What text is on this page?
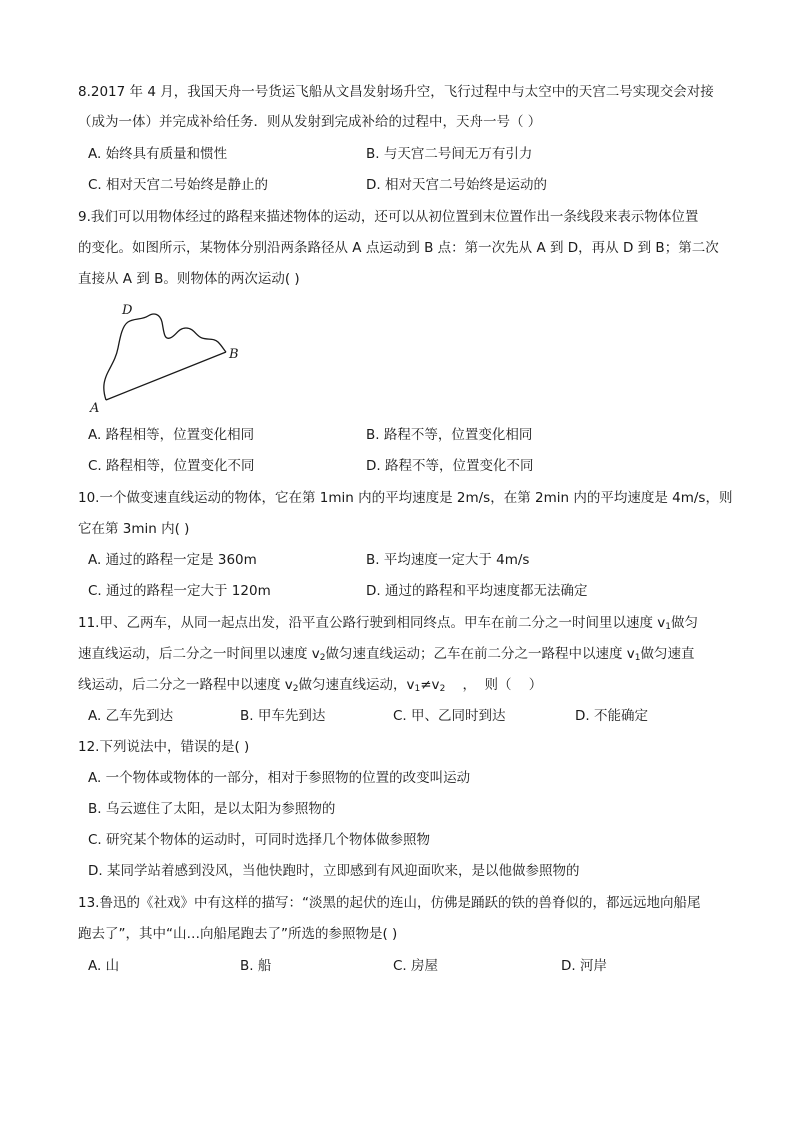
8.2017 年 4 月，我国天舟一号货运飞船从文昌发射场升空，飞行过程中与太空中的天宫二号实现交会对接
（成为一体）并完成补给任务．则从发射到完成补给的过程中，天舟一号（ ）
A. 始终具有质量和惯性	B. 与天宫二号间无万有引力
C. 相对天宫二号始终是静止的	D. 相对天宫二号始终是运动的
9.我们可以用物体经过的路程来描述物体的运动，还可以从初位置到末位置作出一条线段来表示物体位置
的变化。如图所示，某物体分别沿两条路径从 A 点运动到 B 点：第一次先从 A 到 D，再从 D 到 B；第二次
直接从 A 到 B。则物体的两次运动( )
A
B
D
A. 路程相等，位置变化相同	B. 路程不等，位置变化相同
C. 路程相等，位置变化不同	D. 路程不等，位置变化不同
10.一个做变速直线运动的物体，它在第 1min 内的平均速度是 2m/s，在第 2min 内的平均速度是 4m/s，则
它在第 3min 内( )
A. 通过的路程一定是 360m	B. 平均速度一定大于 4m/s
C. 通过的路程一定大于 120m	D. 通过的路程和平均速度都无法确定
11.甲、乙两车，从同一起点出发，沿平直公路行驶到相同终点。甲车在前二分之一时间里以速度 $v_1$做匀
速直线运动，后二分之一时间里以速度 $v_2$做匀速直线运动；乙车在前二分之一路程中以速度 $v_1$做匀速直
线运动，后二分之一路程中以速度 $v_2$做匀速直线运动，$v_1\ne v_2$    ，  则（    ）
A. 乙车先到达	B. 甲车先到达	C. 甲、乙同时到达	D. 不能确定
12.下列说法中，错误的是( )
A. 一个物体或物体的一部分，相对于参照物的位置的改变叫运动
B. 乌云遮住了太阳，是以太阳为参照物的
C. 研究某个物体的运动时，可同时选择几个物体做参照物
D. 某同学站着感到没风，当他快跑时，立即感到有风迎面吹来，是以他做参照物的
13.鲁迅的《社戏》中有这样的描写：“淡黑的起伏的连山，仿佛是踊跃的铁的兽脊似的，都远远地向船尾
跑去了”，其中“山…向船尾跑去了”所选的参照物是( )
A. 山	B. 船	C. 房屋	D. 河岸
